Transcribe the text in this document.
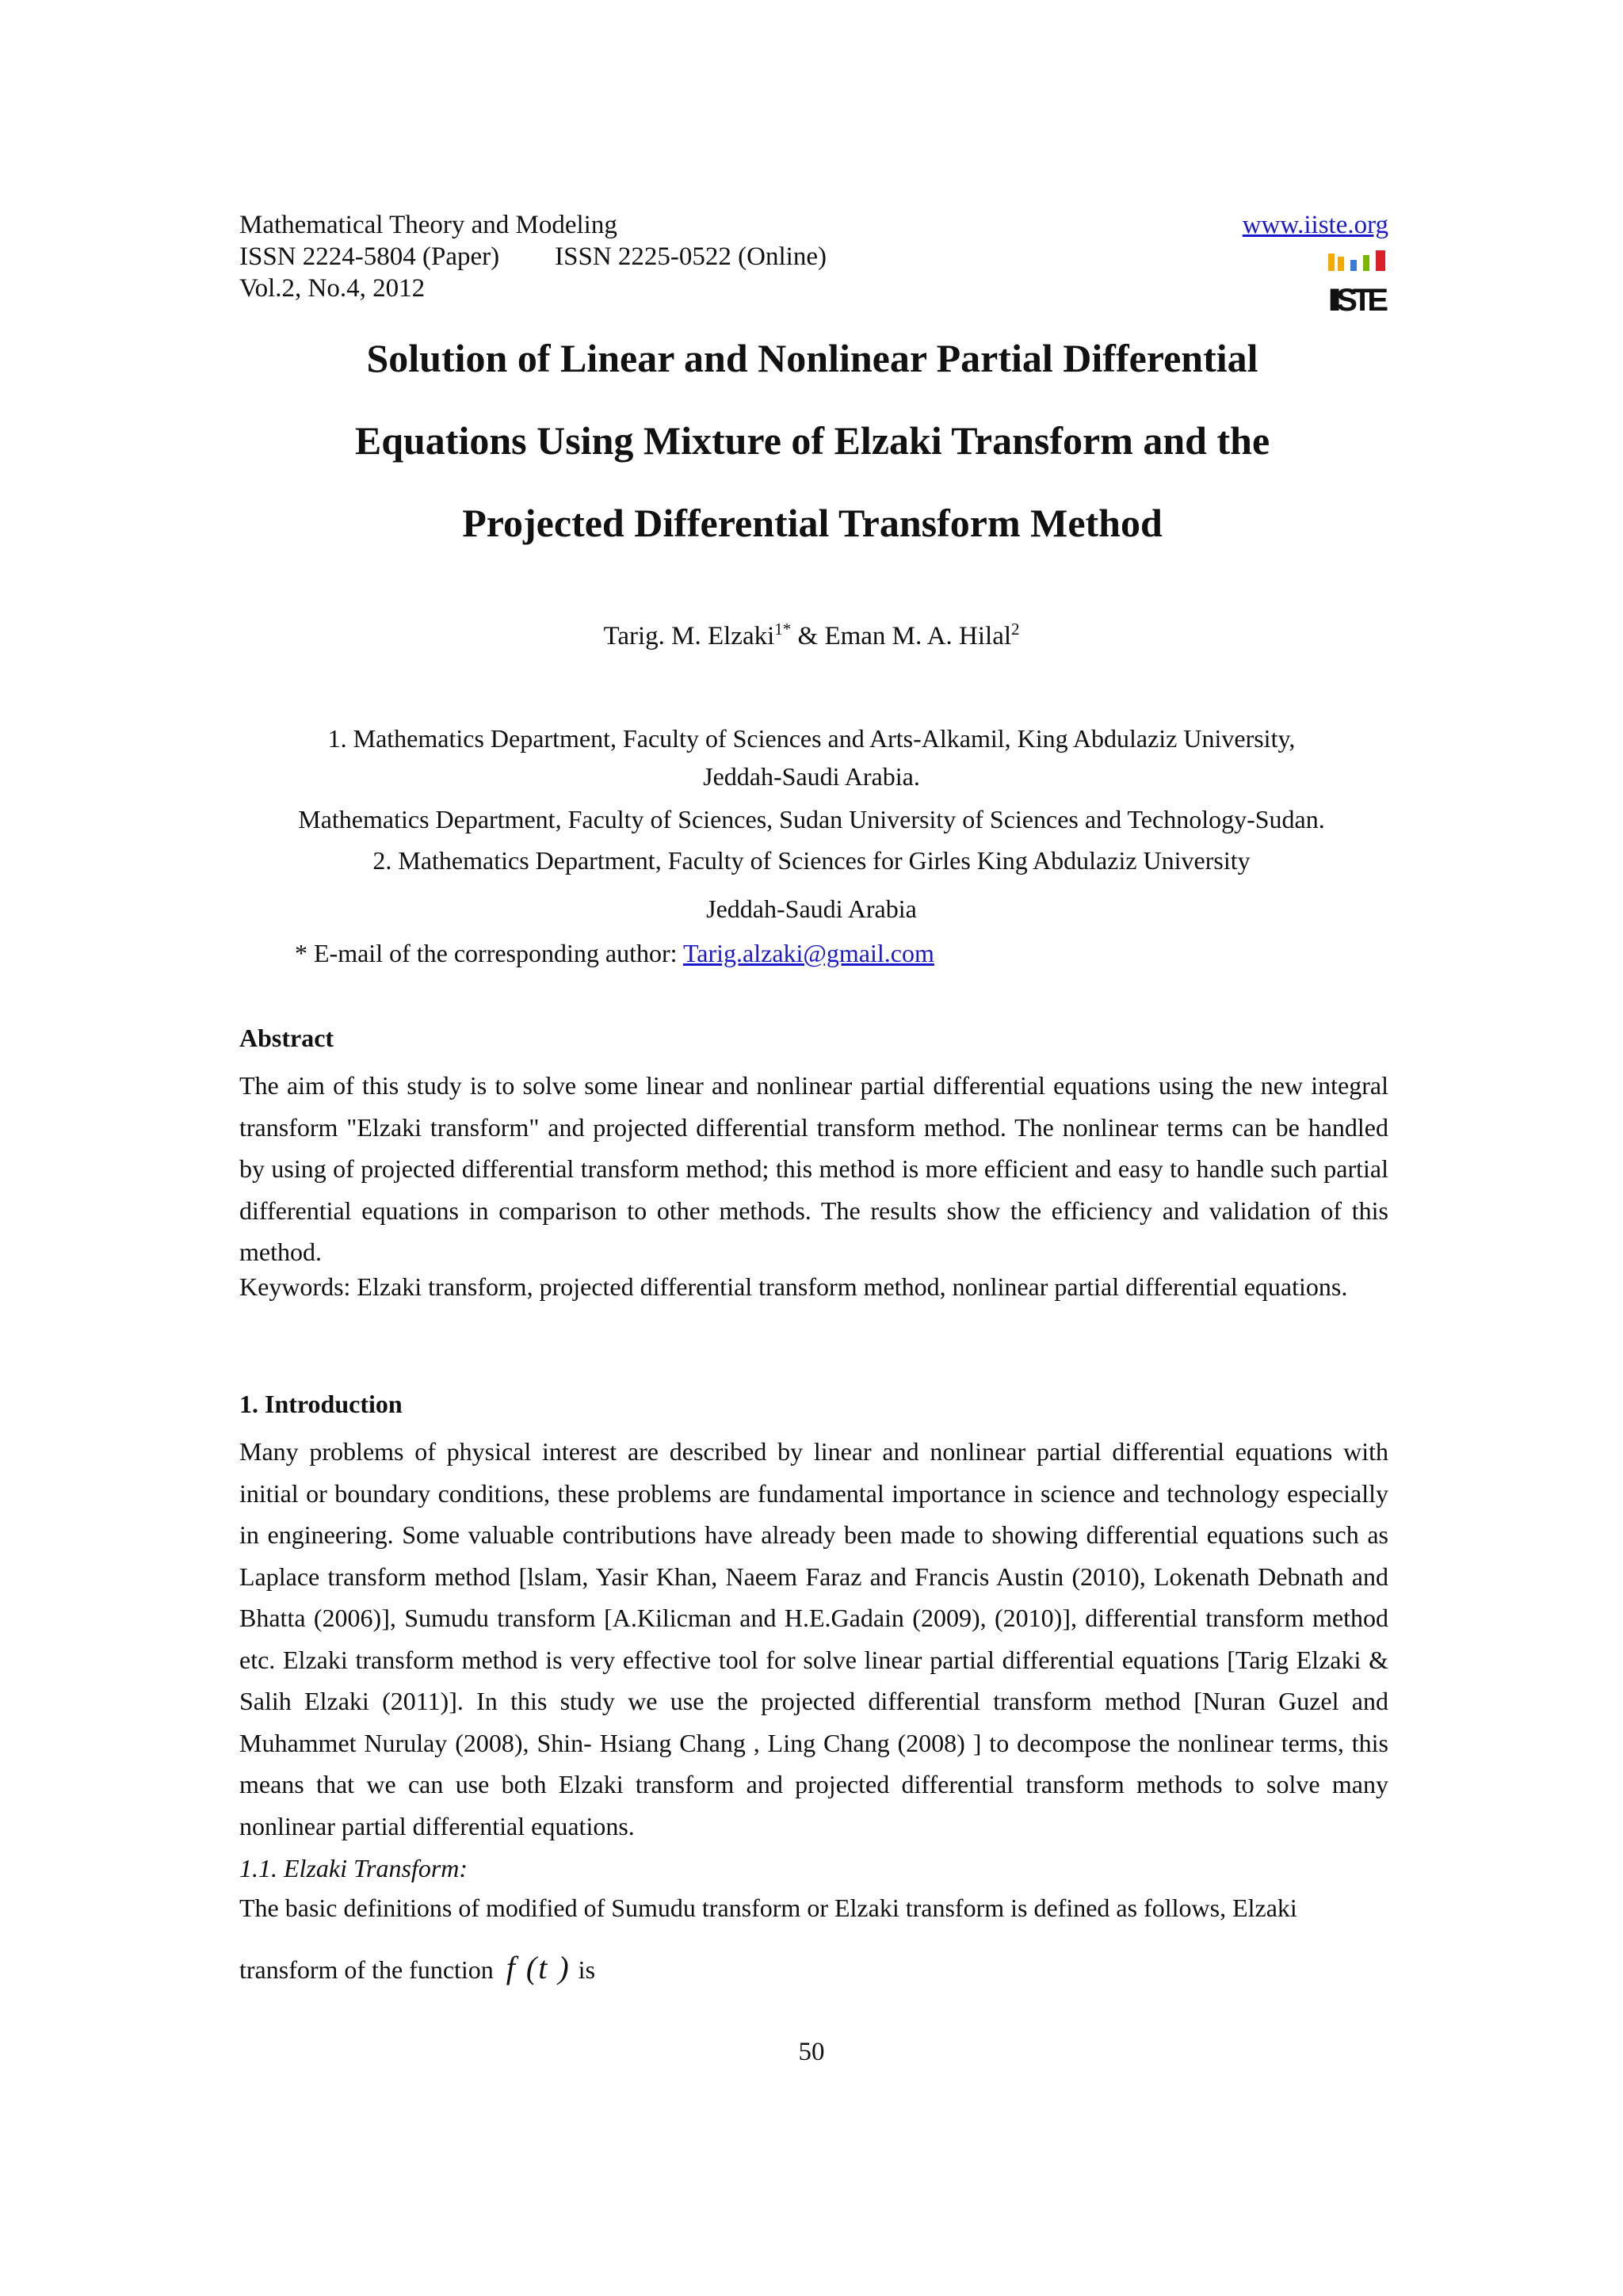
Mathematical Theory and Modeling
ISSN 2224-5804 (Paper) ISSN 2225-0522 (Online)
Vol.2, No.4, 2012
www.iiste.org
IISTE
Solution of Linear and Nonlinear Partial Differential
Equations Using Mixture of Elzaki Transform and the
Projected Differential Transform Method
Tarig. M. Elzaki$^{1*}$ & Eman M. A. Hilal$^2$
1. Mathematics Department, Faculty of Sciences and Arts-Alkamil, King Abdulaziz University,
Jeddah-Saudi Arabia.
Mathematics Department, Faculty of Sciences, Sudan University of Sciences and Technology-Sudan.
2. Mathematics Department, Faculty of Sciences for Girles King Abdulaziz University
Jeddah-Saudi Arabia
* E-mail of the corresponding author: Tarig.alzaki@gmail.com
Abstract
The aim of this study is to solve some linear and nonlinear partial differential equations using the new integral transform "Elzaki transform" and projected differential transform method. The nonlinear terms can be handled by using of projected differential transform method; this method is more efficient and easy to handle such partial differential equations in comparison to other methods. The results show the efficiency and validation of this method.
Keywords: Elzaki transform, projected differential transform method, nonlinear partial differential equations.
1. Introduction
Many problems of physical interest are described by linear and nonlinear partial differential equations with initial or boundary conditions, these problems are fundamental importance in science and technology especially in engineering. Some valuable contributions have already been made to showing differential equations such as Laplace transform method [lslam, Yasir Khan, Naeem Faraz and Francis Austin (2010), Lokenath Debnath and Bhatta (2006)], Sumudu transform [A.Kilicman and H.E.Gadain (2009), (2010)], differential transform method etc. Elzaki transform method is very effective tool for solve linear partial differential equations [Tarig Elzaki & Salih Elzaki (2011)]. In this study we use the projected differential transform method [Nuran Guzel and Muhammet Nurulay (2008), Shin- Hsiang Chang , Ling Chang (2008) ] to decompose the nonlinear terms, this means that we can use both Elzaki transform and projected differential transform methods to solve many nonlinear partial differential equations.
1.1. Elzaki Transform:
The basic definitions of modified of Sumudu transform or Elzaki transform is defined as follows, Elzaki
transform of the function f (t ) is
50
